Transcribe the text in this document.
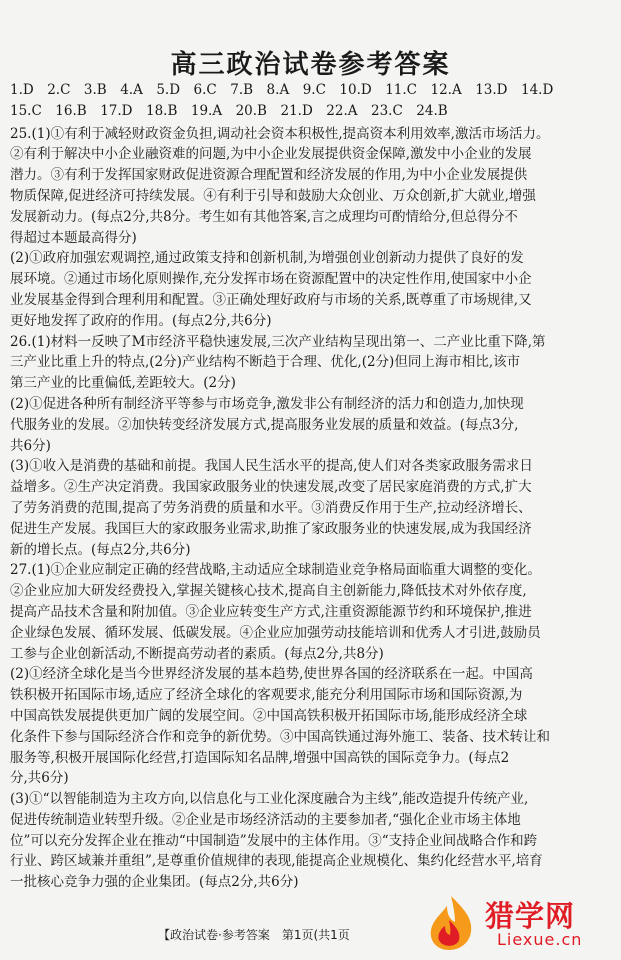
高三政治试卷参考答案
1.D　2.C　3.B　4.A　5.D　6.C　7.B　8.A　9.C　10.D　11.C　12.A　13.D　14.D
15.C　16.B　17.D　18.B　19.A　20.B　21.D　22.A　23.C　24.B
25.(1)①有利于减轻财政资金负担,调动社会资本积极性,提高资本利用效率,激活市场活力。
②有利于解决中小企业融资难的问题,为中小企业发展提供资金保障,激发中小企业的发展
潜力。③有利于发挥国家财政促进资源合理配置和经济发展的作用,为中小企业发展提供
物质保障,促进经济可持续发展。④有利于引导和鼓励大众创业、万众创新,扩大就业,增强
发展新动力。(每点2分,共8分。考生如有其他答案,言之成理均可酌情给分,但总得分不
得超过本题最高得分)
(2)①政府加强宏观调控,通过政策支持和创新机制,为增强创业创新动力提供了良好的发
展环境。②通过市场化原则操作,充分发挥市场在资源配置中的决定性作用,使国家中小企
业发展基金得到合理利用和配置。③正确处理好政府与市场的关系,既尊重了市场规律,又
更好地发挥了政府的作用。(每点2分,共6分)
26.(1)材料一反映了M市经济平稳快速发展,三次产业结构呈现出第一、二产业比重下降,第
三产业比重上升的特点,(2分)产业结构不断趋于合理、优化,(2分)但同上海市相比,该市
第三产业的比重偏低,差距较大。(2分)
(2)①促进各种所有制经济平等参与市场竞争,激发非公有制经济的活力和创造力,加快现
代服务业的发展。②加快转变经济发展方式,提高服务业发展的质量和效益。(每点3分,
共6分)
(3)①收入是消费的基础和前提。我国人民生活水平的提高,使人们对各类家政服务需求日
益增多。②生产决定消费。我国家政服务业的快速发展,改变了居民家庭消费的方式,扩大
了劳务消费的范围,提高了劳务消费的质量和水平。③消费反作用于生产,拉动经济增长、
促进生产发展。我国巨大的家政服务业需求,助推了家政服务业的快速发展,成为我国经济
新的增长点。(每点2分,共6分)
27.(1)①企业应制定正确的经营战略,主动适应全球制造业竞争格局面临重大调整的变化。
②企业应加大研发经费投入,掌握关键核心技术,提高自主创新能力,降低技术对外依存度,
提高产品技术含量和附加值。③企业应转变生产方式,注重资源能源节约和环境保护,推进
企业绿色发展、循环发展、低碳发展。④企业应加强劳动技能培训和优秀人才引进,鼓励员
工参与企业创新活动,不断提高劳动者的素质。(每点2分,共8分)
(2)①经济全球化是当今世界经济发展的基本趋势,使世界各国的经济联系在一起。中国高
铁积极开拓国际市场,适应了经济全球化的客观要求,能充分利用国际市场和国际资源,为
中国高铁发展提供更加广阔的发展空间。②中国高铁积极开拓国际市场,能形成经济全球
化条件下参与国际经济合作和竞争的新优势。③中国高铁通过海外施工、装备、技术转让和
服务等,积极开展国际化经营,打造国际知名品牌,增强中国高铁的国际竞争力。(每点2
分,共6分)
(3)①“以智能制造为主攻方向,以信息化与工业化深度融合为主线”,能改造提升传统产业,
促进传统制造业转型升级。②企业是市场经济活动的主要参加者,“强化企业市场主体地
位”可以充分发挥企业在推动“中国制造”发展中的主体作用。③“支持企业间战略合作和跨
行业、跨区域兼并重组”,是尊重价值规律的表现,能提高企业规模化、集约化经营水平,培育
一批核心竞争力强的企业集团。(每点2分,共6分)
【政治试卷·参考答案　第1页(共1页
猎学网
Liexue.cn
